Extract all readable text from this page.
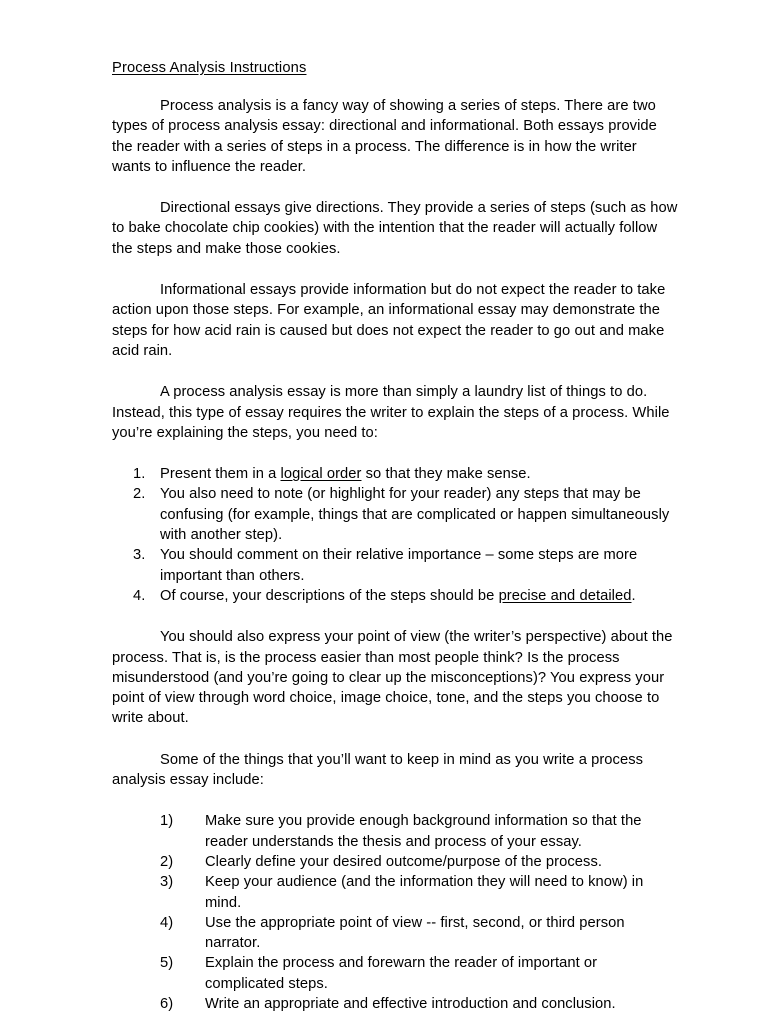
Process Analysis Instructions

Process analysis is a fancy way of showing a series of steps. There are two types of process analysis essay: directional and informational. Both essays provide the reader with a series of steps in a process. The difference is in how the writer wants to influence the reader.

Directional essays give directions. They provide a series of steps (such as how to bake chocolate chip cookies) with the intention that the reader will actually follow the steps and make those cookies.

Informational essays provide information but do not expect the reader to take action upon those steps. For example, an informational essay may demonstrate the steps for how acid rain is caused but does not expect the reader to go out and make acid rain.

A process analysis essay is more than simply a laundry list of things to do. Instead, this type of essay requires the writer to explain the steps of a process. While you’re explaining the steps, you need to:

1. Present them in a logical order so that they make sense.
2. You also need to note (or highlight for your reader) any steps that may be confusing (for example, things that are complicated or happen simultaneously with another step).
3. You should comment on their relative importance – some steps are more important than others.
4. Of course, your descriptions of the steps should be precise and detailed.

You should also express your point of view (the writer’s perspective) about the process. That is, is the process easier than most people think? Is the process misunderstood (and you’re going to clear up the misconceptions)? You express your point of view through word choice, image choice, tone, and the steps you choose to write about.

Some of the things that you’ll want to keep in mind as you write a process analysis essay include:

1)	Make sure you provide enough background information so that the reader understands the thesis and process of your essay.
2)	Clearly define your desired outcome/purpose of the process.
3)	Keep your audience (and the information they will need to know) in mind.
4)	Use the appropriate point of view -- first, second, or third person narrator.
5)	Explain the process and forewarn the reader of important or complicated steps.
6)	Write an appropriate and effective introduction and conclusion.
